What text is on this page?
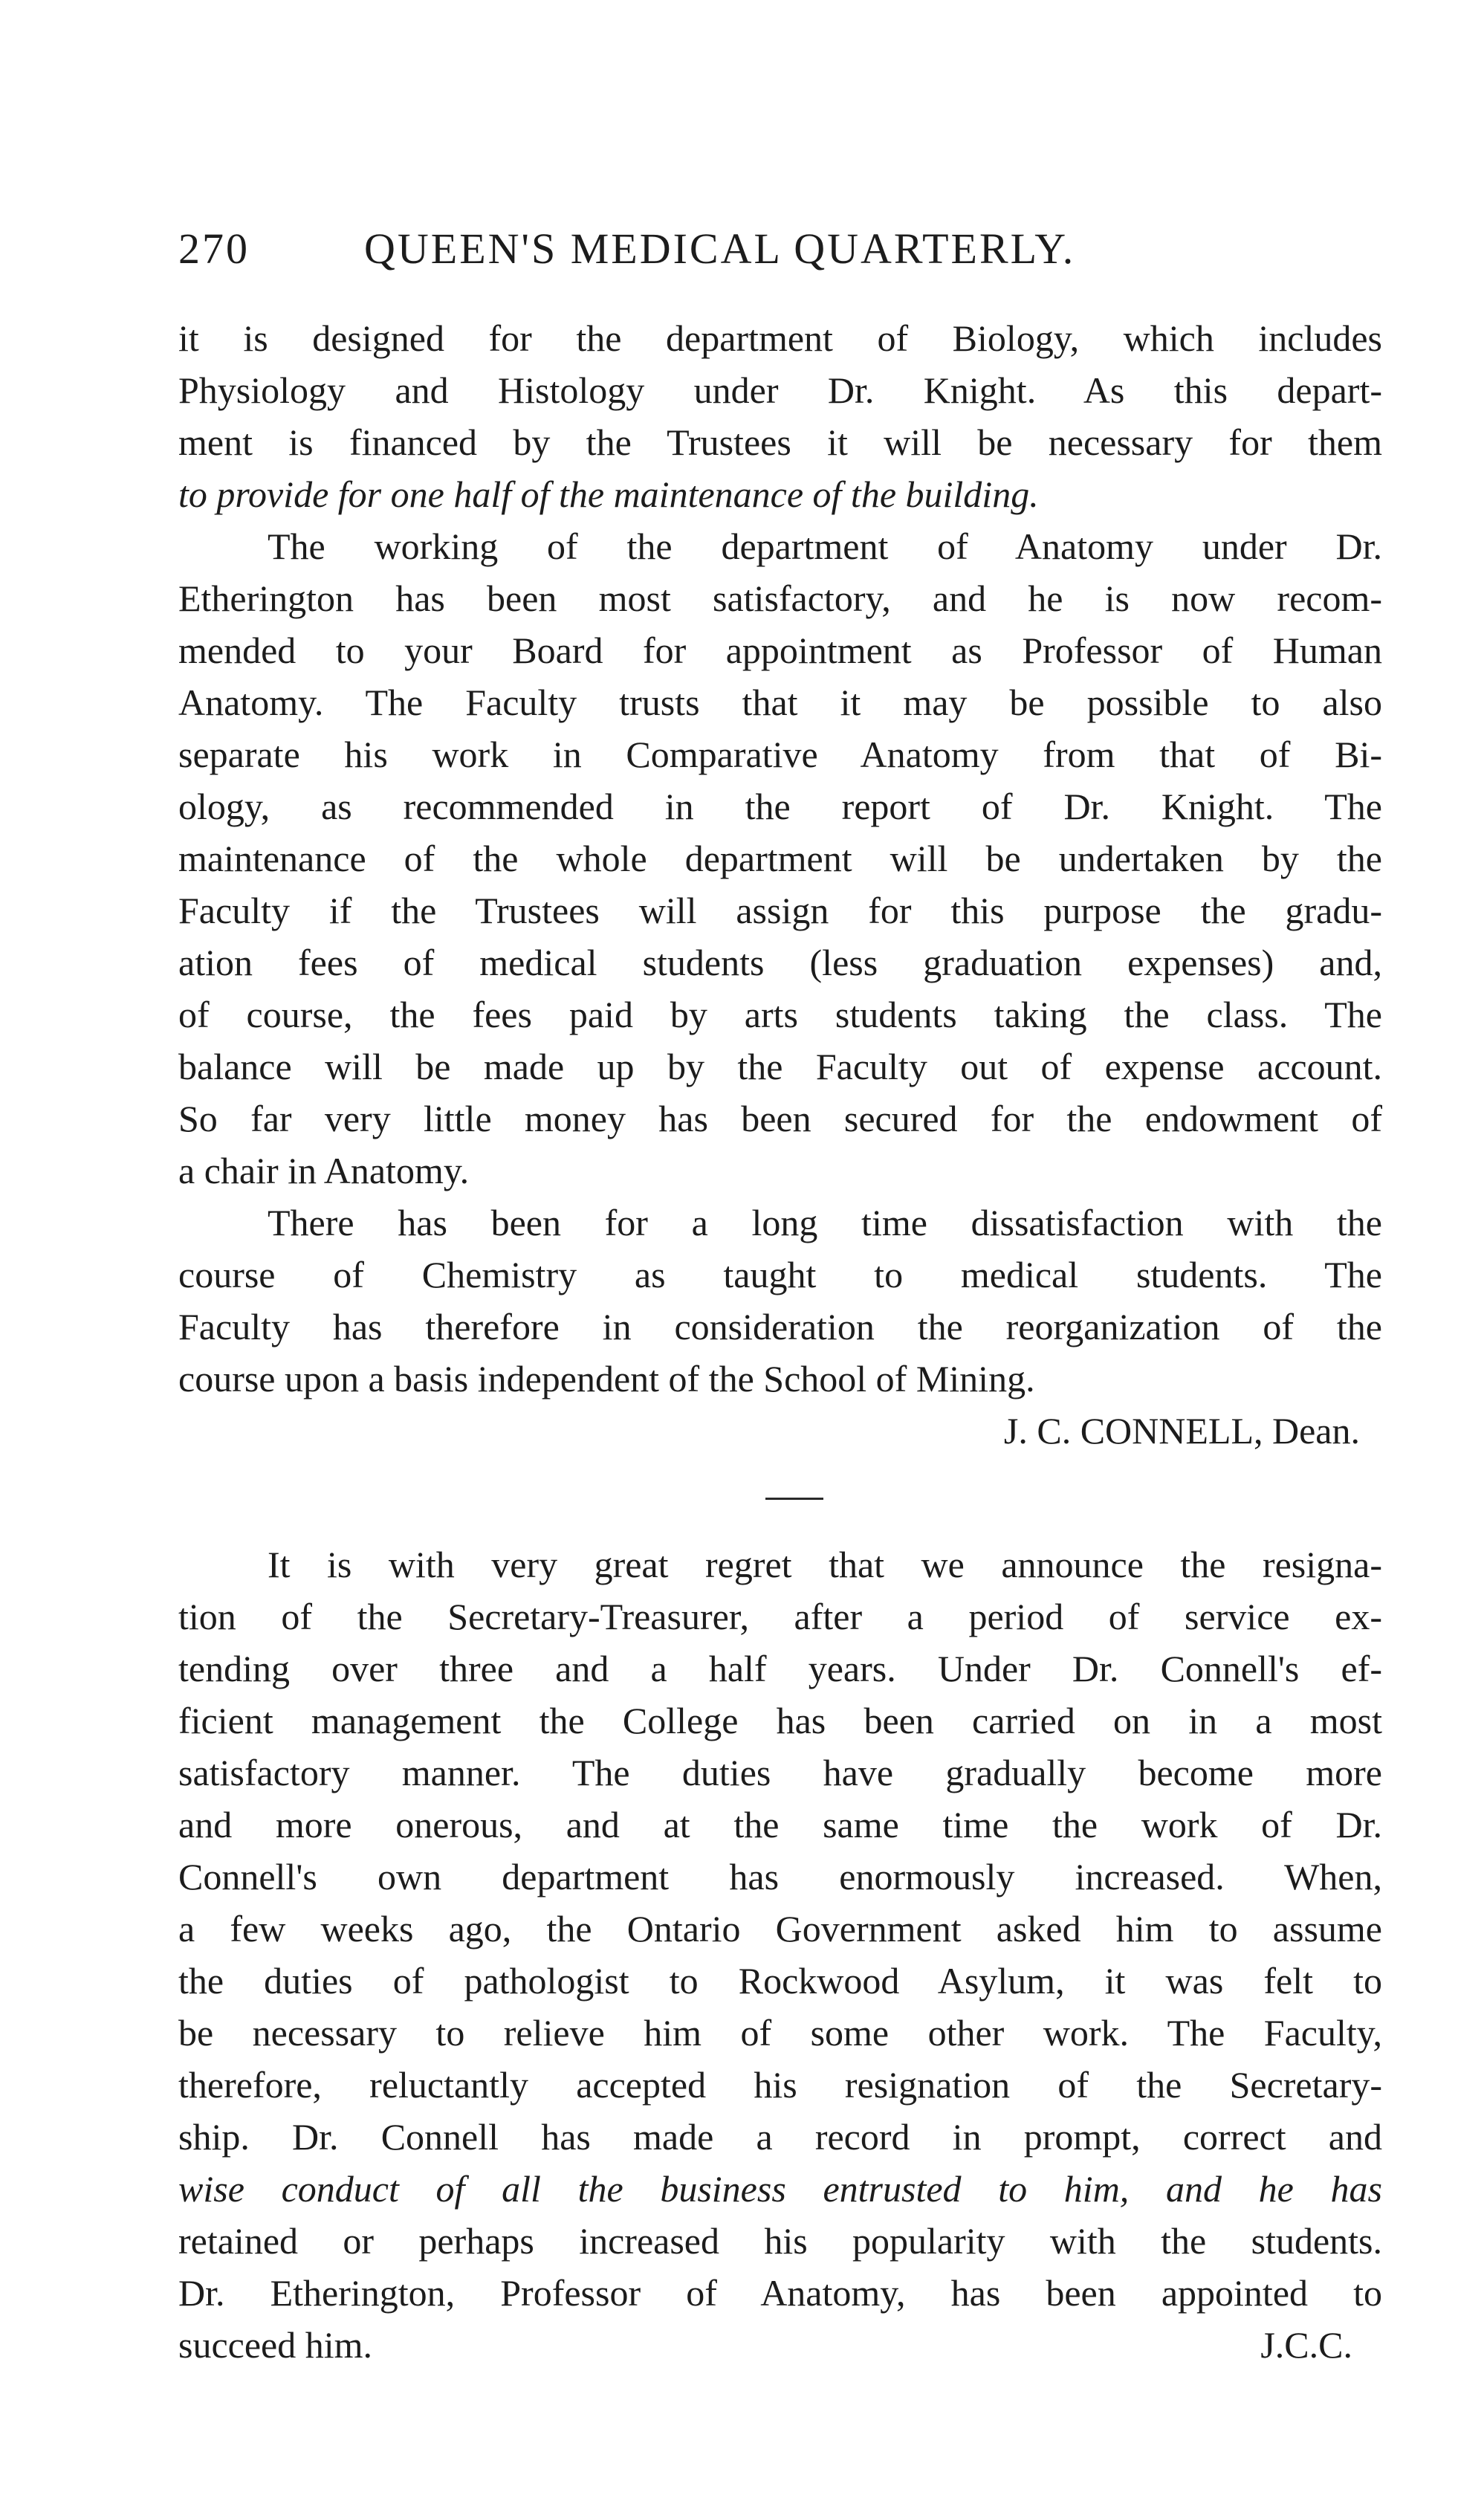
270	QUEEN'S MEDICAL QUARTERLY.
it is designed for the department of Biology, which includes
Physiology and Histology under Dr. Knight. As this depart-
ment is financed by the Trustees it will be necessary for them
to provide for one half of the maintenance of the building.
The working of the department of Anatomy under Dr.
Etherington has been most satisfactory, and he is now recom-
mended to your Board for appointment as Professor of Human
Anatomy. The Faculty trusts that it may be possible to also
separate his work in Comparative Anatomy from that of Bi-
ology, as recommended in the report of Dr. Knight. The
maintenance of the whole department will be undertaken by the
Faculty if the Trustees will assign for this purpose the gradu-
ation fees of medical students (less graduation expenses) and,
of course, the fees paid by arts students taking the class. The
balance will be made up by the Faculty out of expense account.
So far very little money has been secured for the endowment of
a chair in Anatomy.
There has been for a long time dissatisfaction with the
course of Chemistry as taught to medical students. The
Faculty has therefore in consideration the reorganization of the
course upon a basis independent of the School of Mining.
J. C. CONNELL, Dean.
It is with very great regret that we announce the resigna-
tion of the Secretary-Treasurer, after a period of service ex-
tending over three and a half years. Under Dr. Connell's ef-
ficient management the College has been carried on in a most
satisfactory manner. The duties have gradually become more
and more onerous, and at the same time the work of Dr.
Connell's own department has enormously increased. When,
a few weeks ago, the Ontario Government asked him to assume
the duties of pathologist to Rockwood Asylum, it was felt to
be necessary to relieve him of some other work. The Faculty,
therefore, reluctantly accepted his resignation of the Secretary-
ship. Dr. Connell has made a record in prompt, correct and
wise conduct of all the business entrusted to him, and he has
retained or perhaps increased his popularity with the students.
Dr. Etherington, Professor of Anatomy, has been appointed to
succeed him.	J.C.C.
